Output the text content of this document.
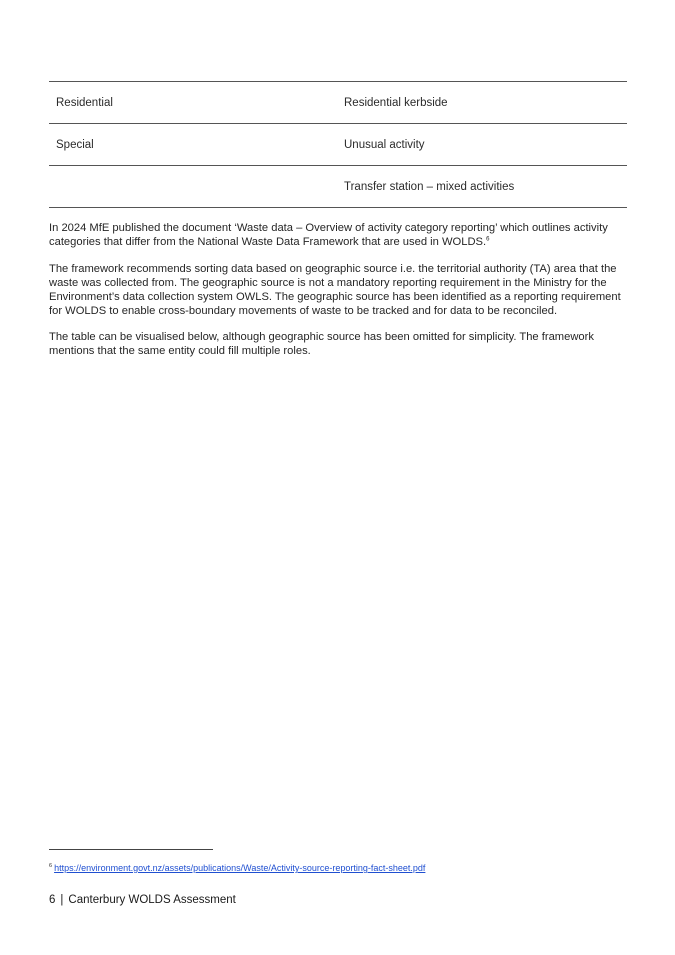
Residential	Residential kerbside
Special	Unusual activity
Transfer station – mixed activities

In 2024 MfE published the document ‘Waste data – Overview of activity category reporting’ which outlines activity categories that differ from the National Waste Data Framework that are used in WOLDS.$^6$

The framework recommends sorting data based on geographic source i.e. the territorial authority (TA) area that the waste was collected from. The geographic source is not a mandatory reporting requirement in the Ministry for the Environment’s data collection system OWLS. The geographic source has been identified as a reporting requirement for WOLDS to enable cross-boundary movements of waste to be tracked and for data to be reconciled.

The table can be visualised below, although geographic source has been omitted for simplicity. The framework mentions that the same entity could fill multiple roles.

$^6$ https://environment.govt.nz/assets/publications/Waste/Activity-source-reporting-fact-sheet.pdf
6 | Canterbury WOLDS Assessment
